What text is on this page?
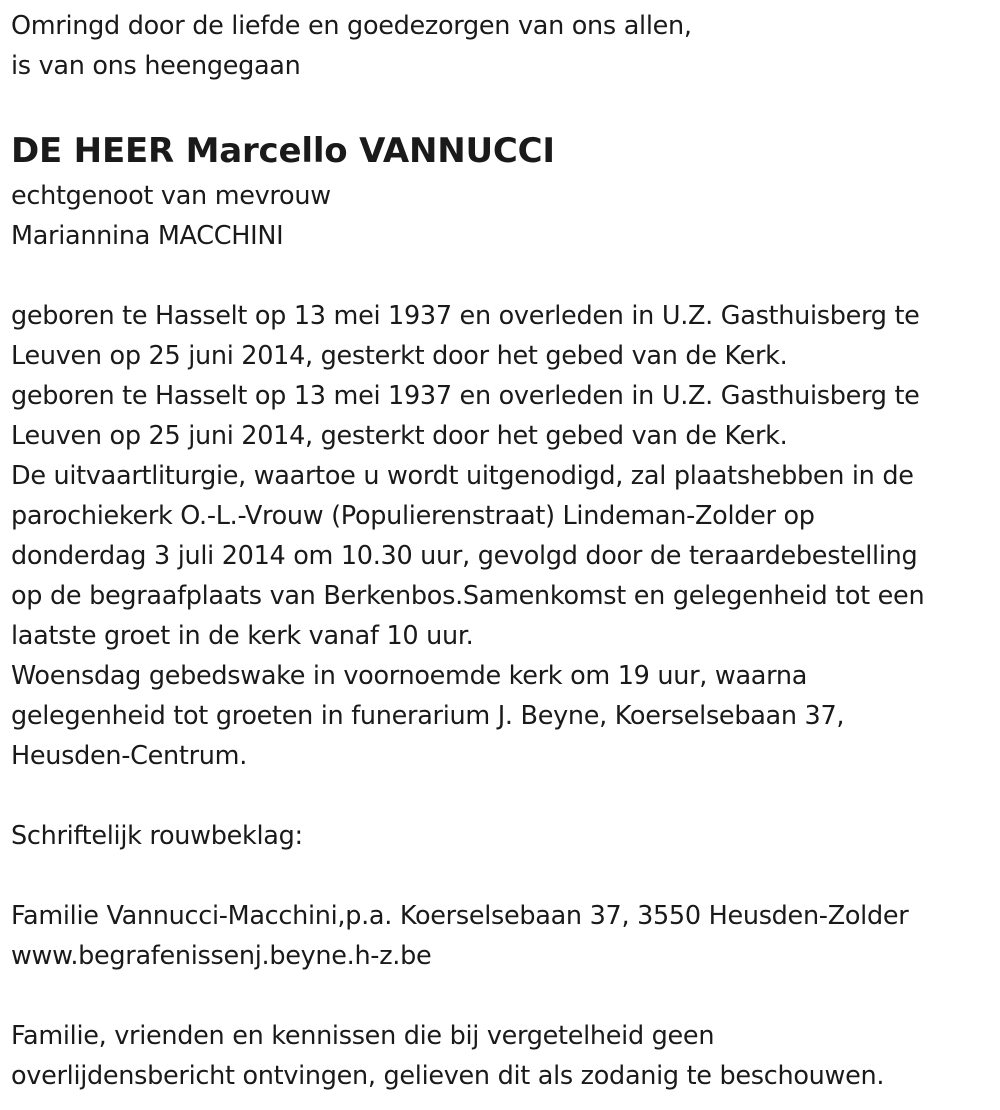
Omringd door de liefde en goedezorgen van ons allen,
is van ons heengegaan
DE HEER Marcello VANNUCCI
echtgenoot van mevrouw
Mariannina MACCHINI
geboren te Hasselt op 13 mei 1937 en overleden in U.Z. Gasthuisberg te
Leuven op 25 juni 2014, gesterkt door het gebed van de Kerk.
geboren te Hasselt op 13 mei 1937 en overleden in U.Z. Gasthuisberg te
Leuven op 25 juni 2014, gesterkt door het gebed van de Kerk.
De uitvaartliturgie, waartoe u wordt uitgenodigd, zal plaatshebben in de
parochiekerk O.-L.-Vrouw (Populierenstraat) Lindeman-Zolder op
donderdag 3 juli 2014 om 10.30 uur, gevolgd door de teraardebestelling
op de begraafplaats van Berkenbos.Samenkomst en gelegenheid tot een
laatste groet in de kerk vanaf 10 uur.
Woensdag gebedswake in voornoemde kerk om 19 uur, waarna
gelegenheid tot groeten in funerarium J. Beyne, Koerselsebaan 37,
Heusden-Centrum.
Schriftelijk rouwbeklag:
Familie Vannucci-Macchini,p.a. Koerselsebaan 37, 3550 Heusden-Zolder
www.begrafenissenj.beyne.h-z.be
Familie, vrienden en kennissen die bij vergetelheid geen
overlijdensbericht ontvingen, gelieven dit als zodanig te beschouwen.
